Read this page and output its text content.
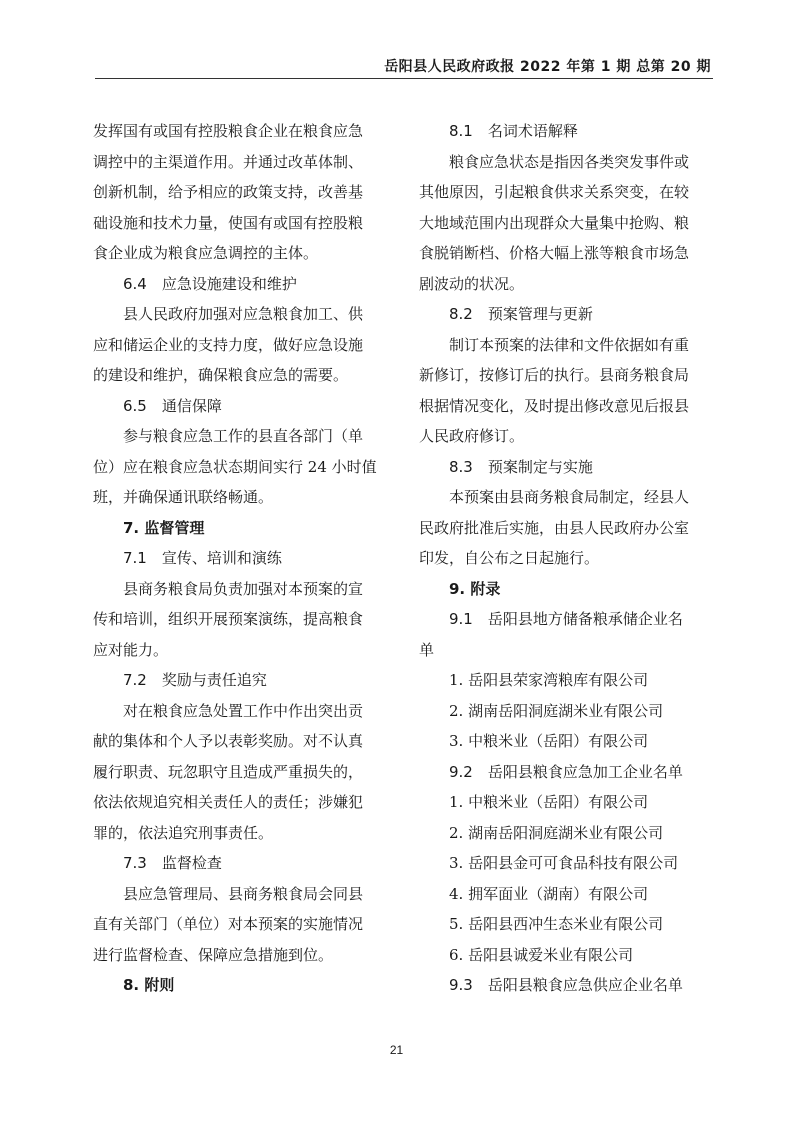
岳阳县人民政府政报 2022 年第 1 期 总第 20 期
发挥国有或国有控股粮食企业在粮食应急
调控中的主渠道作用。并通过改革体制、
创新机制，给予相应的政策支持，改善基
础设施和技术力量，使国有或国有控股粮
食企业成为粮食应急调控的主体。
6.4　应急设施建设和维护
县人民政府加强对应急粮食加工、供
应和储运企业的支持力度，做好应急设施
的建设和维护，确保粮食应急的需要。
6.5　通信保障
参与粮食应急工作的县直各部门（单
位）应在粮食应急状态期间实行 24 小时值
班，并确保通讯联络畅通。
7. 监督管理
7.1　宣传、培训和演练
县商务粮食局负责加强对本预案的宣
传和培训，组织开展预案演练，提高粮食
应对能力。
7.2　奖励与责任追究
对在粮食应急处置工作中作出突出贡
献的集体和个人予以表彰奖励。对不认真
履行职责、玩忽职守且造成严重损失的，
依法依规追究相关责任人的责任；涉嫌犯
罪的，依法追究刑事责任。
7.3　监督检查
县应急管理局、县商务粮食局会同县
直有关部门（单位）对本预案的实施情况
进行监督检查、保障应急措施到位。
8. 附则
8.1　名词术语解释
粮食应急状态是指因各类突发事件或
其他原因，引起粮食供求关系突变，在较
大地域范围内出现群众大量集中抢购、粮
食脱销断档、价格大幅上涨等粮食市场急
剧波动的状况。
8.2　预案管理与更新
制订本预案的法律和文件依据如有重
新修订，按修订后的执行。县商务粮食局
根据情况变化，及时提出修改意见后报县
人民政府修订。
8.3　预案制定与实施
本预案由县商务粮食局制定，经县人
民政府批准后实施，由县人民政府办公室
印发，自公布之日起施行。
9. 附录
9.1　岳阳县地方储备粮承储企业名
单
1. 岳阳县荣家湾粮库有限公司
2. 湖南岳阳洞庭湖米业有限公司
3. 中粮米业（岳阳）有限公司
9.2　岳阳县粮食应急加工企业名单
1. 中粮米业（岳阳）有限公司
2. 湖南岳阳洞庭湖米业有限公司
3. 岳阳县金可可食品科技有限公司
4. 拥军面业（湖南）有限公司
5. 岳阳县西冲生态米业有限公司
6. 岳阳县诚爱米业有限公司
9.3　岳阳县粮食应急供应企业名单
21
